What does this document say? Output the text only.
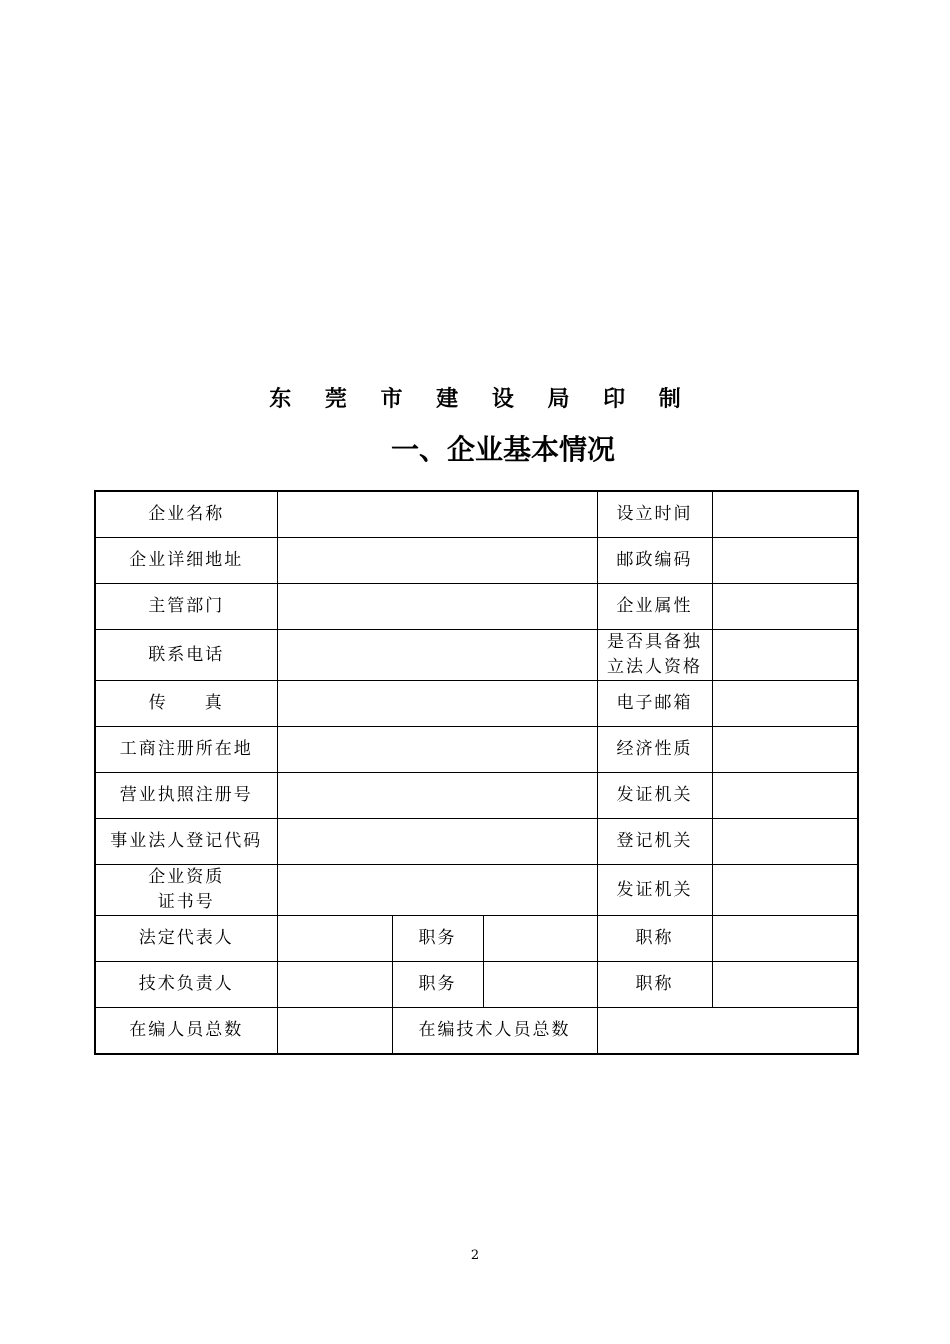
东 莞 市 建 设 局 印 制
一、企业基本情况
企业名称				设立时间	
企业详细地址				邮政编码	
主管部门				企业属性	
联系电话				是否具备独
立法人资格	
传     真				电子邮箱	
工商注册所在地				经济性质	
营业执照注册号				发证机关	
事业法人登记代码				登记机关	
企业资质
证书号				发证机关	
法定代表人		职务		职称	
技术负责人		职务		职称	
在编人员总数		在编技术人员总数			
2
